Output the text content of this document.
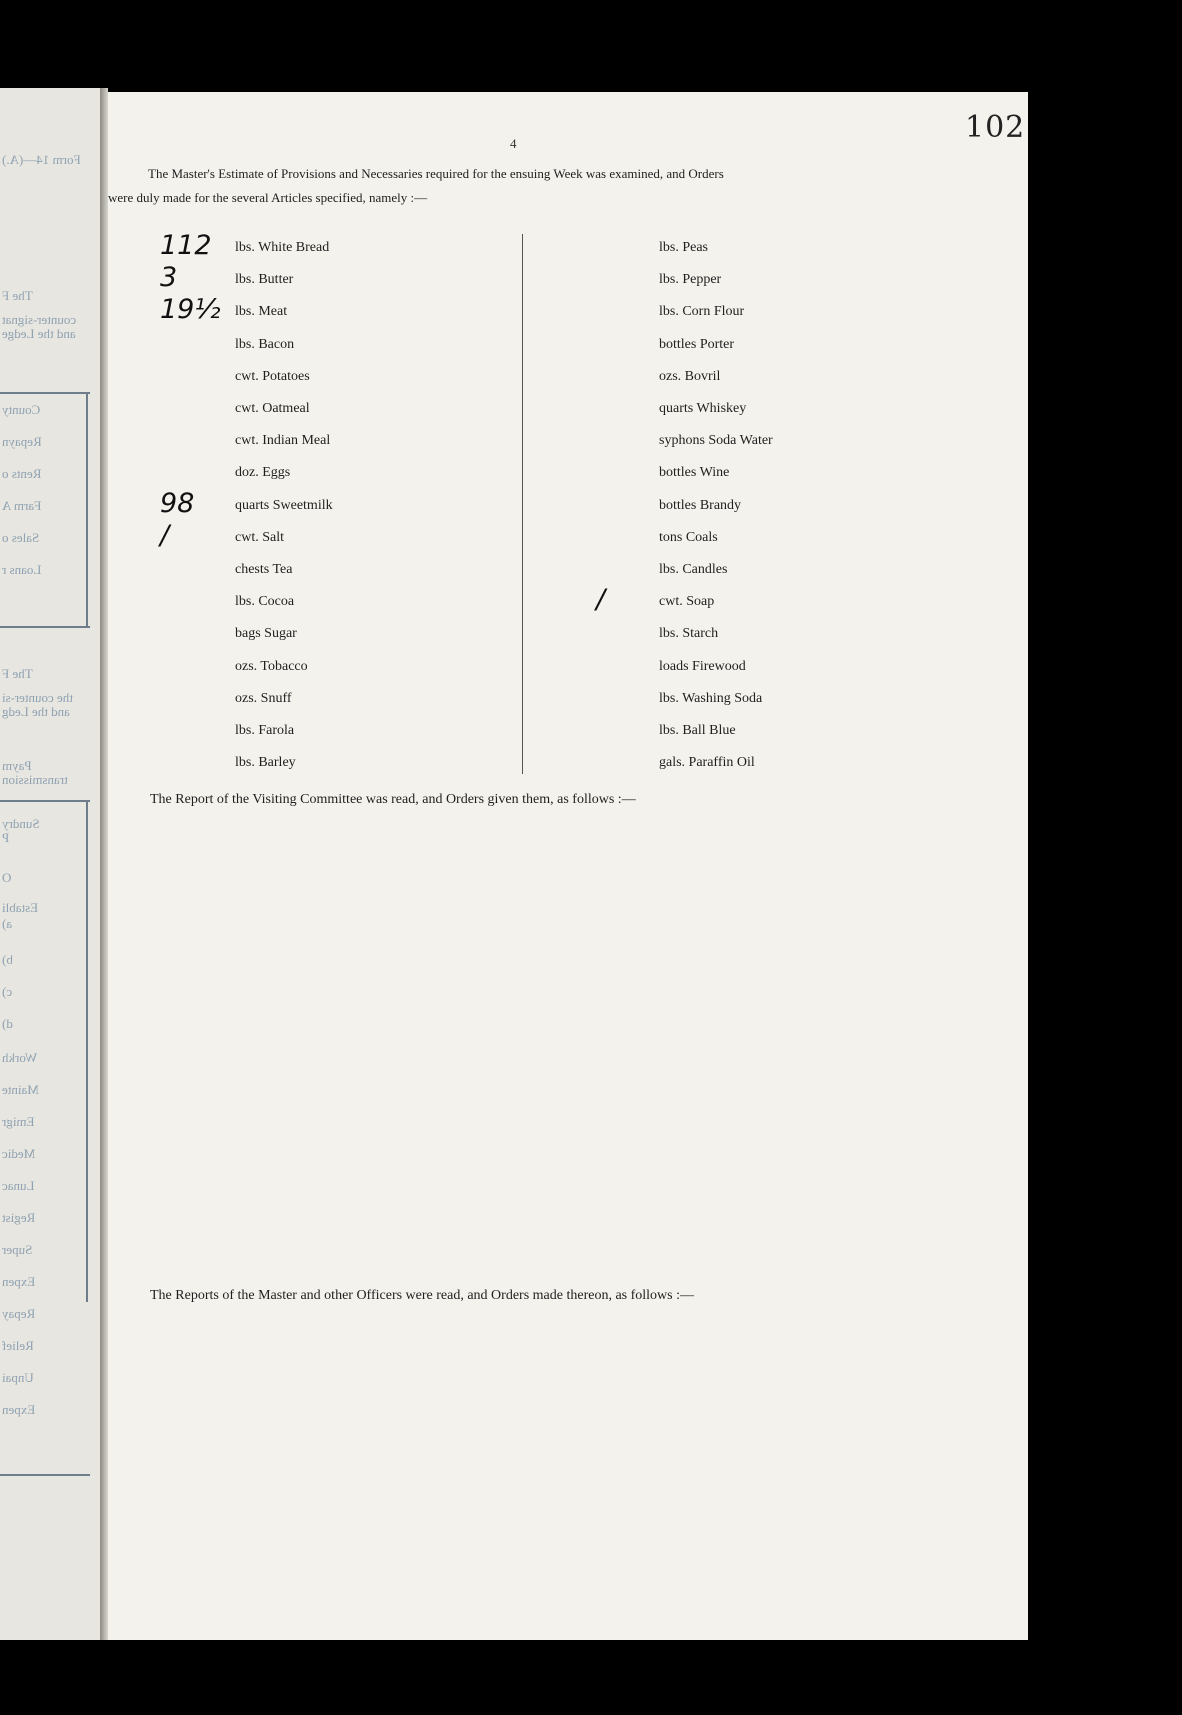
Form 14—(A.)
The F
counter-signat
and the Ledge
County
Repayn
Rents o
Farm A
Sales o
Loans r
The F
the counter-si
and the Ledg
Paym
transmission
Sundry
P
O
Establi
a)
b)
c)
d)
Workh
Mainte
Emigr
Medic
Lunac
Regist
Super
Expen
Repay
Relief
Unpai
Expen
4
The Master's Estimate of Provisions and Necessaries required for the ensuing Week was examined, and Orders
were duly made for the several Articles specified, namely :—
The Report of the Visiting Committee was read, and Orders given them, as follows :—
The Reports of the Master and other Officers were read, and Orders made thereon, as follows :—
lbs. White Bread
112
lbs. Butter
3
lbs. Meat
19½
lbs. Bacon
cwt. Potatoes
cwt. Oatmeal
cwt. Indian Meal
doz. Eggs
quarts Sweetmilk
98
cwt. Salt
/
chests Tea
lbs. Cocoa
bags Sugar
ozs. Tobacco
ozs. Snuff
lbs. Farola
lbs. Barley
lbs. Peas
lbs. Pepper
lbs. Corn Flour
bottles Porter
ozs. Bovril
quarts Whiskey
syphons Soda Water
bottles Wine
bottles Brandy
tons Coals
lbs. Candles
cwt. Soap
/
lbs. Starch
loads Firewood
lbs. Washing Soda
lbs. Ball Blue
gals. Paraffin Oil
102
